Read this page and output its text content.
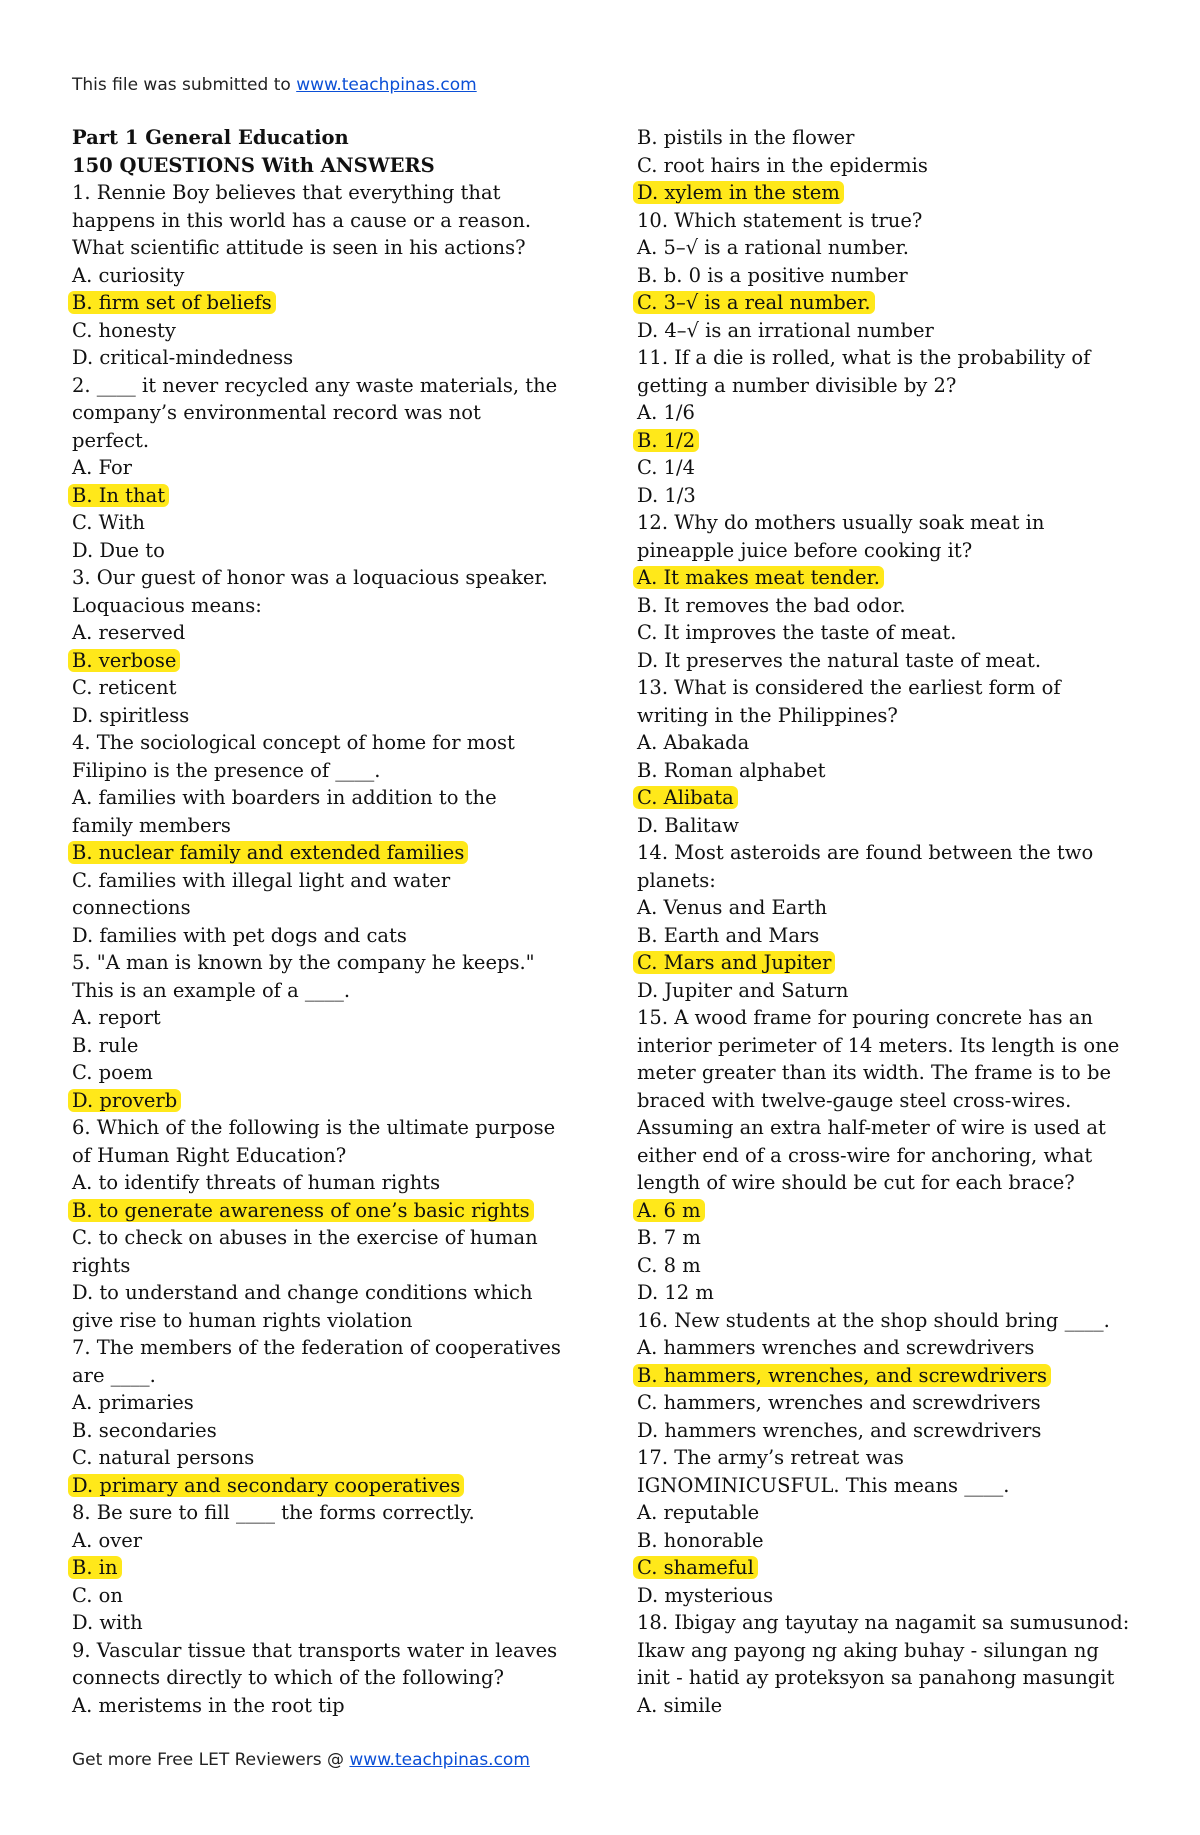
This file was submitted to www.teachpinas.com
Part 1 General Education
150 QUESTIONS With ANSWERS
1. Rennie Boy believes that everything that
happens in this world has a cause or a reason.
What scientific attitude is seen in his actions?
A. curiosity
B. firm set of beliefs
C. honesty
D. critical-mindedness
2. ____ it never recycled any waste materials, the
company’s environmental record was not
perfect.
A. For
B. In that
C. With
D. Due to
3. Our guest of honor was a loquacious speaker.
Loquacious means:
A. reserved
B. verbose
C. reticent
D. spiritless
4. The sociological concept of home for most
Filipino is the presence of ____.
A. families with boarders in addition to the
family members
B. nuclear family and extended families
C. families with illegal light and water
connections
D. families with pet dogs and cats
5. "A man is known by the company he keeps."
This is an example of a ____.
A. report
B. rule
C. poem
D. proverb
6. Which of the following is the ultimate purpose
of Human Right Education?
A. to identify threats of human rights
B. to generate awareness of one’s basic rights
C. to check on abuses in the exercise of human
rights
D. to understand and change conditions which
give rise to human rights violation
7. The members of the federation of cooperatives
are ____.
A. primaries
B. secondaries
C. natural persons
D. primary and secondary cooperatives
8. Be sure to fill ____ the forms correctly.
A. over
B. in
C. on
D. with
9. Vascular tissue that transports water in leaves
connects directly to which of the following?
A. meristems in the root tip
B. pistils in the flower
C. root hairs in the epidermis
D. xylem in the stem
10. Which statement is true?
A. 5–√ is a rational number.
B. b. 0 is a positive number
C. 3–√ is a real number.
D. 4–√ is an irrational number
11. If a die is rolled, what is the probability of
getting a number divisible by 2?
A. 1/6
B. 1/2
C. 1/4
D. 1/3
12. Why do mothers usually soak meat in
pineapple juice before cooking it?
A. It makes meat tender.
B. It removes the bad odor.
C. It improves the taste of meat.
D. It preserves the natural taste of meat.
13. What is considered the earliest form of
writing in the Philippines?
A. Abakada
B. Roman alphabet
C. Alibata
D. Balitaw
14. Most asteroids are found between the two
planets:
A. Venus and Earth
B. Earth and Mars
C. Mars and Jupiter
D. Jupiter and Saturn
15. A wood frame for pouring concrete has an
interior perimeter of 14 meters. Its length is one
meter greater than its width. The frame is to be
braced with twelve-gauge steel cross-wires.
Assuming an extra half-meter of wire is used at
either end of a cross-wire for anchoring, what
length of wire should be cut for each brace?
A. 6 m
B. 7 m
C. 8 m
D. 12 m
16. New students at the shop should bring ____.
A. hammers wrenches and screwdrivers
B. hammers, wrenches, and screwdrivers
C. hammers, wrenches and screwdrivers
D. hammers wrenches, and screwdrivers
17. The army’s retreat was
IGNOMINICUSFUL. This means ____.
A. reputable
B. honorable
C. shameful
D. mysterious
18. Ibigay ang tayutay na nagamit sa sumusunod:
Ikaw ang payong ng aking buhay - silungan ng
init - hatid ay proteksyon sa panahong masungit
A. simile
Get more Free LET Reviewers @ www.teachpinas.com
